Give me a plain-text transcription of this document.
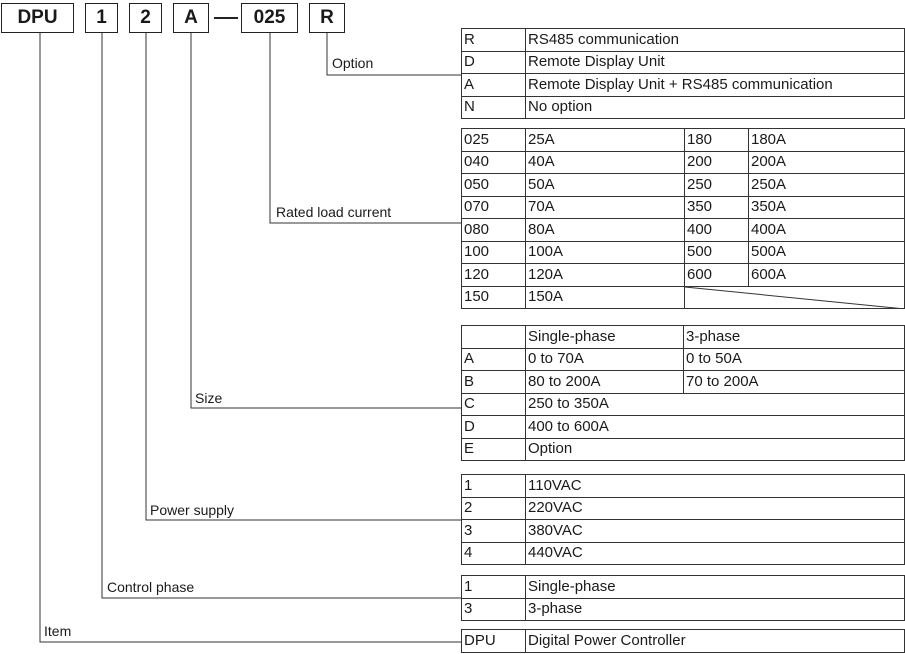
DPU	1	2	A	025	R
Option
Rated load current
Size
Power supply
Control phase
Item
R	RS485 communication
D	Remote Display Unit
A	Remote Display Unit + RS485 communication
N	No option
025	25A	180	180A
040	40A	200	200A
050	50A	250	250A
070	70A	350	350A
080	80A	400	400A
100	100A	500	500A
120	120A	600	600A
150	150A	
	Single-phase	3-phase
A	0 to 70A	0 to 50A
B	80 to 200A	70 to 200A
C	250 to 350A	
D	400 to 600A	
E	Option	
1	110VAC
2	220VAC
3	380VAC
4	440VAC
1	Single-phase
3	3-phase
DPU	Digital Power Controller
